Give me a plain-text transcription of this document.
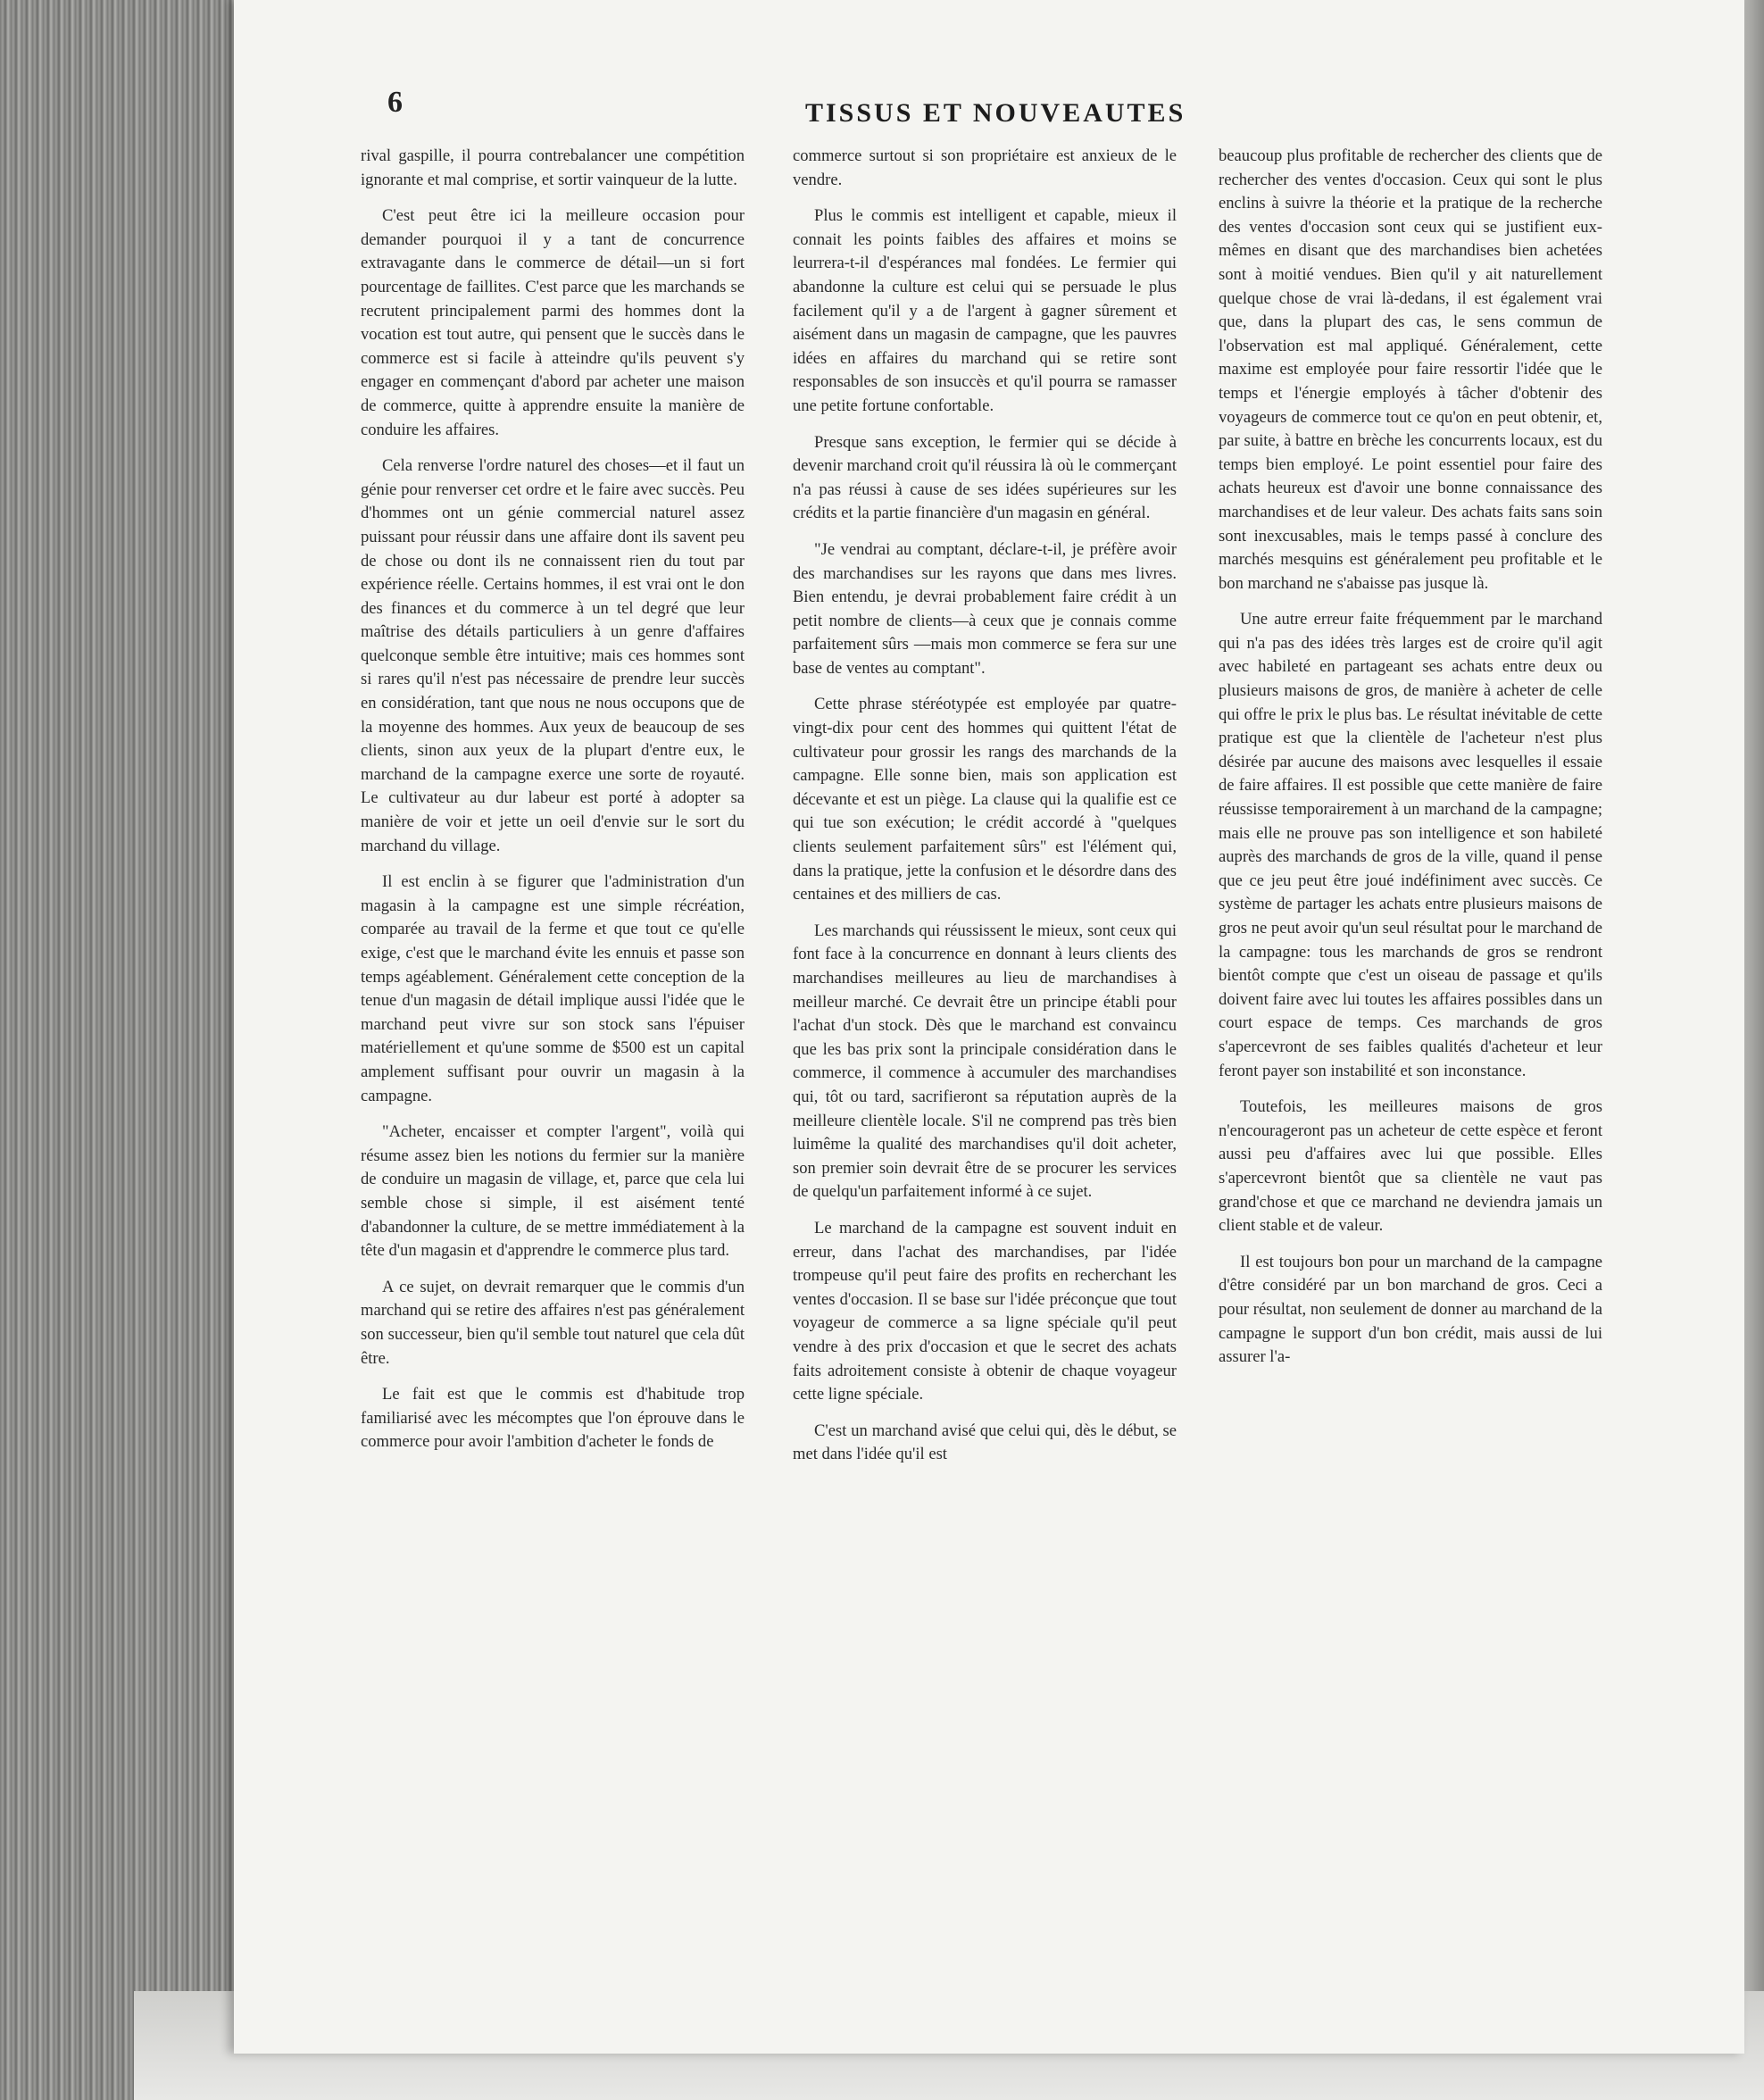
6	TISSUS ET NOUVEAUTES

rival gaspille, il pourra contrebalancer une compétition ignorante et mal comprise, et sortir vainqueur de la lutte.

C'est peut être ici la meilleure occasion pour demander pourquoi il y a tant de concurrence extravagante dans le commerce de détail—un si fort pourcentage de faillites. C'est parce que les marchands se recrutent principalement parmi des hommes dont la vocation est tout autre, qui pensent que le succès dans le commerce est si facile à atteindre qu'ils peuvent s'y engager en commençant d'abord par acheter une maison de commerce, quitte à apprendre ensuite la manière de conduire les affaires.

Cela renverse l'ordre naturel des choses—et il faut un génie pour renverser cet ordre et le faire avec succès. Peu d'hommes ont un génie commercial naturel assez puissant pour réussir dans une affaire dont ils savent peu de chose ou dont ils ne connaissent rien du tout par expérience réelle. Certains hommes, il est vrai ont le don des finances et du commerce à un tel degré que leur maîtrise des détails particuliers à un genre d'affaires quelconque semble être intuitive; mais ces hommes sont si rares qu'il n'est pas nécessaire de prendre leur succès en considération, tant que nous ne nous occupons que de la moyenne des hommes. Aux yeux de beaucoup de ses clients, sinon aux yeux de la plupart d'entre eux, le marchand de la campagne exerce une sorte de royauté. Le cultivateur au dur labeur est porté à adopter sa manière de voir et jette un oeil d'envie sur le sort du marchand du village.

Il est enclin à se figurer que l'administration d'un magasin à la campagne est une simple récréation, comparée au travail de la ferme et que tout ce qu'elle exige, c'est que le marchand évite les ennuis et passe son temps agéablement. Généralement cette conception de la tenue d'un magasin de détail implique aussi l'idée que le marchand peut vivre sur son stock sans l'épuiser matériellement et qu'une somme de $500 est un capital amplement suffisant pour ouvrir un magasin à la campagne.

"Acheter, encaisser et compter l'argent", voilà qui résume assez bien les notions du fermier sur la manière de conduire un magasin de village, et, parce que cela lui semble chose si simple, il est aisément tenté d'abandonner la culture, de se mettre immédiatement à la tête d'un magasin et d'apprendre le commerce plus tard.

A ce sujet, on devrait remarquer que le commis d'un marchand qui se retire des affaires n'est pas généralement son successeur, bien qu'il semble tout naturel que cela dût être.

Le fait est que le commis est d'habitude trop familiarisé avec les mécomptes que l'on éprouve dans le commerce pour avoir l'ambition d'acheter le fonds de

commerce surtout si son propriétaire est anxieux de le vendre.

Plus le commis est intelligent et capable, mieux il connait les points faibles des affaires et moins se leurrera-t-il d'espérances mal fondées. Le fermier qui abandonne la culture est celui qui se persuade le plus facilement qu'il y a de l'argent à gagner sûrement et aisément dans un magasin de campagne, que les pauvres idées en affaires du marchand qui se retire sont responsables de son insuccès et qu'il pourra se ramasser une petite fortune confortable.

Presque sans exception, le fermier qui se décide à devenir marchand croit qu'il réussira là où le commerçant n'a pas réussi à cause de ses idées supérieures sur les crédits et la partie financière d'un magasin en général.

"Je vendrai au comptant, déclare-t-il, je préfère avoir des marchandises sur les rayons que dans mes livres. Bien entendu, je devrai probablement faire crédit à un petit nombre de clients—à ceux que je connais comme parfaitement sûrs —mais mon commerce se fera sur une base de ventes au comptant".

Cette phrase stéréotypée est employée par quatre-vingt-dix pour cent des hommes qui quittent l'état de cultivateur pour grossir les rangs des marchands de la campagne. Elle sonne bien, mais son application est décevante et est un piège. La clause qui la qualifie est ce qui tue son exécution; le crédit accordé à "quelques clients seulement parfaitement sûrs" est l'élément qui, dans la pratique, jette la confusion et le désordre dans des centaines et des milliers de cas.

Les marchands qui réussissent le mieux, sont ceux qui font face à la concurrence en donnant à leurs clients des marchandises meilleures au lieu de marchandises à meilleur marché. Ce devrait être un principe établi pour l'achat d'un stock. Dès que le marchand est convaincu que les bas prix sont la principale considération dans le commerce, il commence à accumuler des marchandises qui, tôt ou tard, sacrifieront sa réputation auprès de la meilleure clientèle locale. S'il ne comprend pas très bien luimême la qualité des marchandises qu'il doit acheter, son premier soin devrait être de se procurer les services de quelqu'un parfaitement informé à ce sujet.

Le marchand de la campagne est souvent induit en erreur, dans l'achat des marchandises, par l'idée trompeuse qu'il peut faire des profits en recherchant les ventes d'occasion. Il se base sur l'idée préconçue que tout voyageur de commerce a sa ligne spéciale qu'il peut vendre à des prix d'occasion et que le secret des achats faits adroitement consiste à obtenir de chaque voyageur cette ligne spéciale.

C'est un marchand avisé que celui qui, dès le début, se met dans l'idée qu'il est

beaucoup plus profitable de rechercher des clients que de rechercher des ventes d'occasion. Ceux qui sont le plus enclins à suivre la théorie et la pratique de la recherche des ventes d'occasion sont ceux qui se justifient eux-mêmes en disant que des marchandises bien achetées sont à moitié vendues. Bien qu'il y ait naturellement quelque chose de vrai là-dedans, il est également vrai que, dans la plupart des cas, le sens commun de l'observation est mal appliqué. Généralement, cette maxime est employée pour faire ressortir l'idée que le temps et l'énergie employés à tâcher d'obtenir des voyageurs de commerce tout ce qu'on en peut obtenir, et, par suite, à battre en brèche les concurrents locaux, est du temps bien employé. Le point essentiel pour faire des achats heureux est d'avoir une bonne connaissance des marchandises et de leur valeur. Des achats faits sans soin sont inexcusables, mais le temps passé à conclure des marchés mesquins est généralement peu profitable et le bon marchand ne s'abaisse pas jusque là.

Une autre erreur faite fréquemment par le marchand qui n'a pas des idées très larges est de croire qu'il agit avec habileté en partageant ses achats entre deux ou plusieurs maisons de gros, de manière à acheter de celle qui offre le prix le plus bas. Le résultat inévitable de cette pratique est que la clientèle de l'acheteur n'est plus désirée par aucune des maisons avec lesquelles il essaie de faire affaires. Il est possible que cette manière de faire réussisse temporairement à un marchand de la campagne; mais elle ne prouve pas son intelligence et son habileté auprès des marchands de gros de la ville, quand il pense que ce jeu peut être joué indéfiniment avec succès. Ce système de partager les achats entre plusieurs maisons de gros ne peut avoir qu'un seul résultat pour le marchand de la campagne: tous les marchands de gros se rendront bientôt compte que c'est un oiseau de passage et qu'ils doivent faire avec lui toutes les affaires possibles dans un court espace de temps. Ces marchands de gros s'apercevront de ses faibles qualités d'acheteur et leur feront payer son instabilité et son inconstance.

Toutefois, les meilleures maisons de gros n'encourageront pas un acheteur de cette espèce et feront aussi peu d'affaires avec lui que possible. Elles s'apercevront bientôt que sa clientèle ne vaut pas grand'chose et que ce marchand ne deviendra jamais un client stable et de valeur.

Il est toujours bon pour un marchand de la campagne d'être considéré par un bon marchand de gros. Ceci a pour résultat, non seulement de donner au marchand de la campagne le support d'un bon crédit, mais aussi de lui assurer l'a-
